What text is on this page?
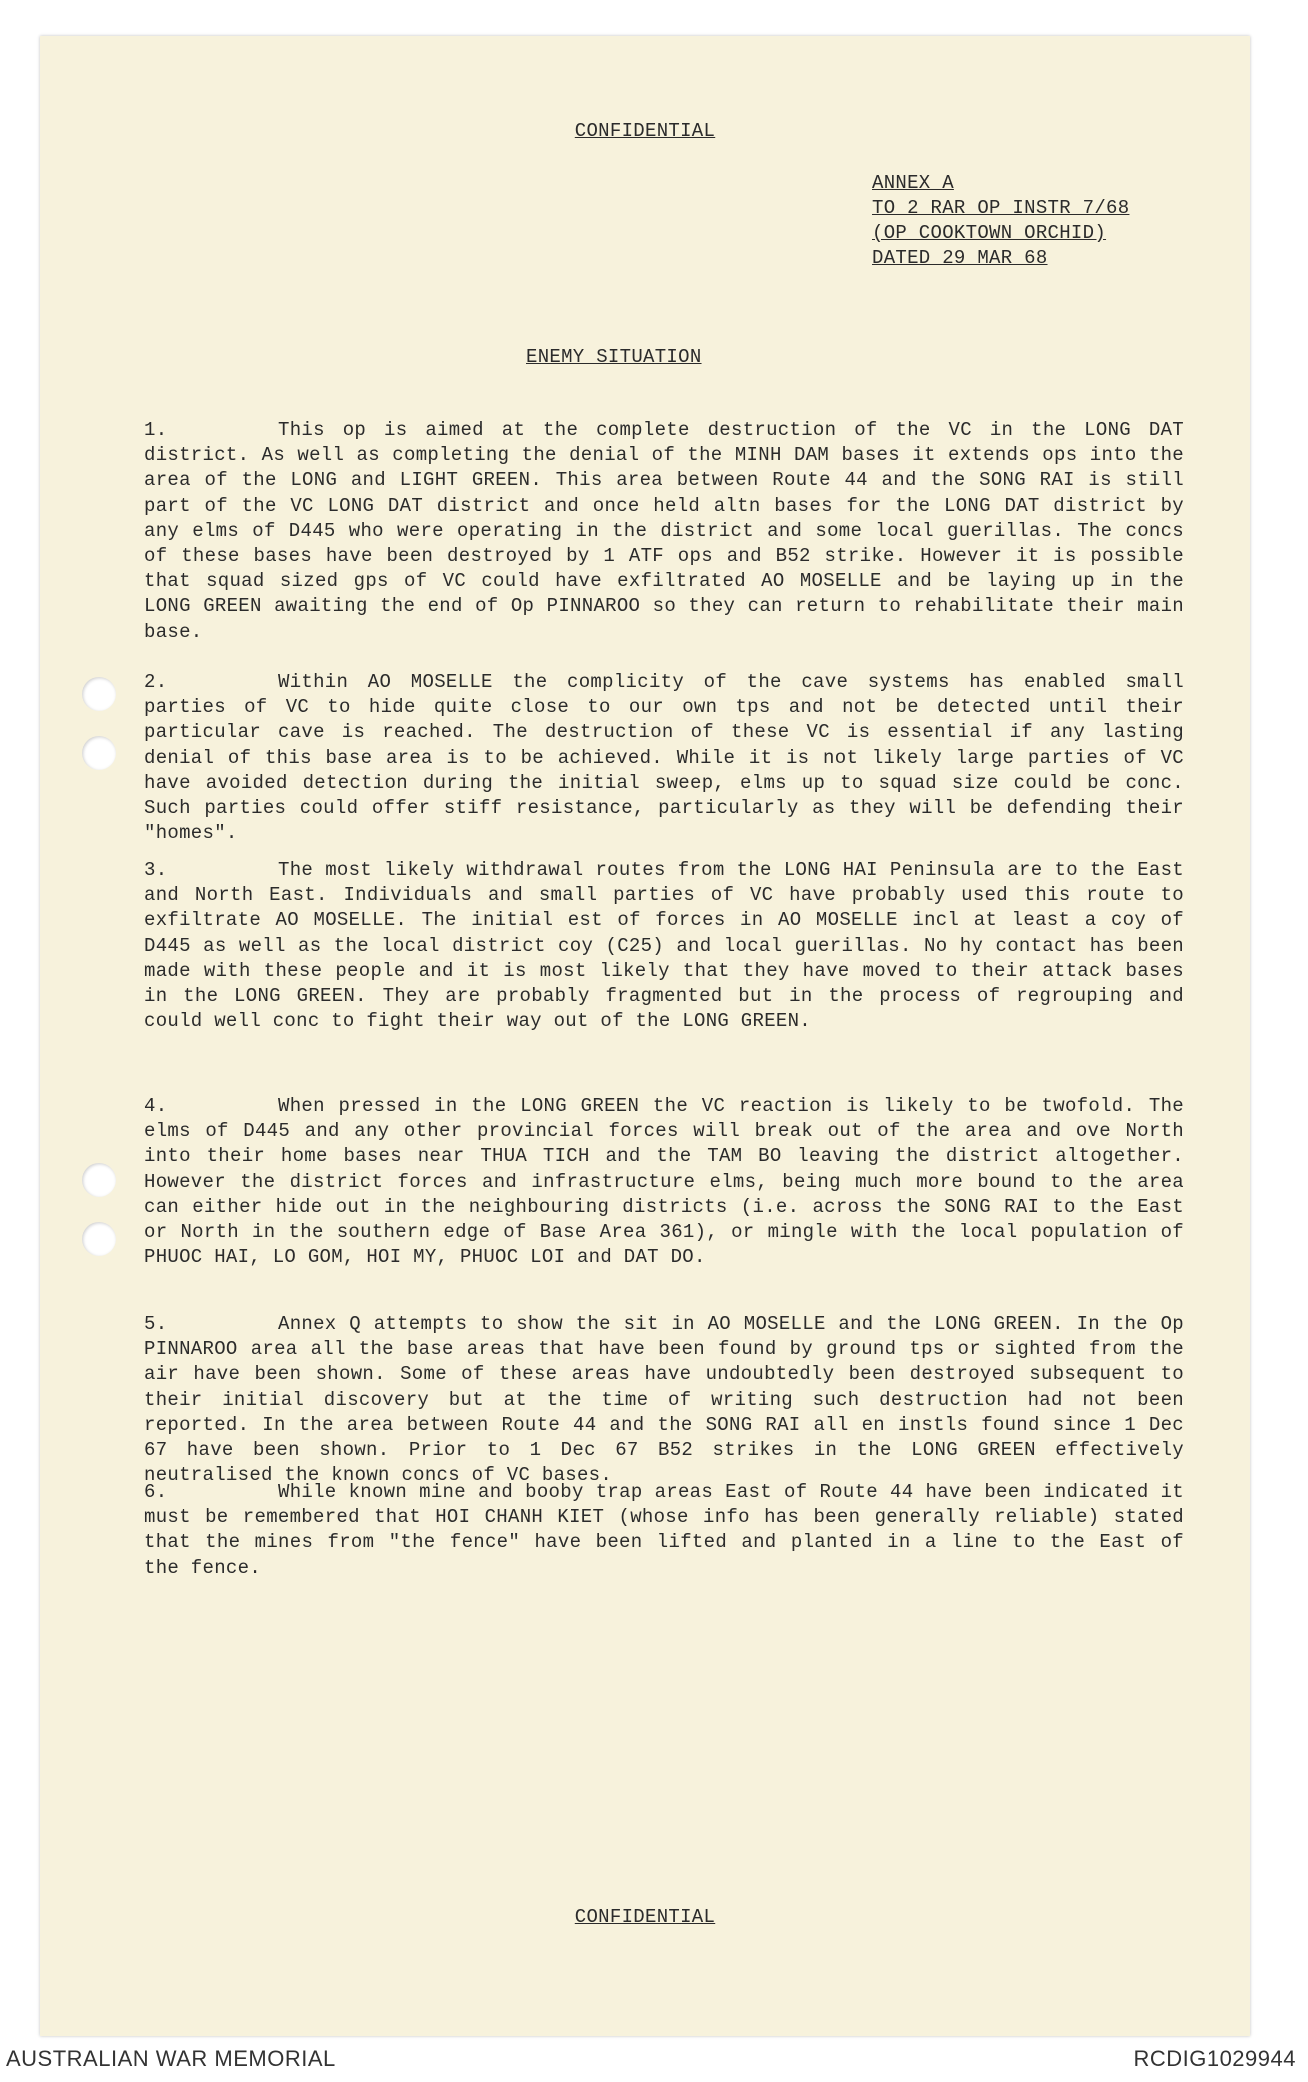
CONFIDENTIAL
ANNEX A
TO 2 RAR OP INSTR 7/68
(OP COOKTOWN ORCHID)
DATED 29 MAR 68
ENEMY SITUATION
1.	This op is aimed at the complete destruction of the VC in the LONG DAT district. As well as completing the denial of the MINH DAM bases it extends ops into the area of the LONG and LIGHT GREEN. This area between Route 44 and the SONG RAI is still part of the VC LONG DAT district and once held altn bases for the LONG DAT district by any elms of D445 who were operating in the district and some local guerillas. The concs of these bases have been destroyed by 1 ATF ops and B52 strike. However it is possible that squad sized gps of VC could have exfiltrated AO MOSELLE and be laying up in the LONG GREEN awaiting the end of Op PINNAROO so they can return to rehabilitate their main base.
2.	Within AO MOSELLE the complicity of the cave systems has enabled small parties of VC to hide quite close to our own tps and not be detected until their particular cave is reached. The destruction of these VC is essential if any lasting denial of this base area is to be achieved. While it is not likely large parties of VC have avoided detection during the initial sweep, elms up to squad size could be conc. Such parties could offer stiff resistance, particularly as they will be defending their "homes".
3.	The most likely withdrawal routes from the LONG HAI Peninsula are to the East and North East. Individuals and small parties of VC have probably used this route to exfiltrate AO MOSELLE. The initial est of forces in AO MOSELLE incl at least a coy of D445 as well as the local district coy (C25) and local guerillas. No hy contact has been made with these people and it is most likely that they have moved to their attack bases in the LONG GREEN. They are probably fragmented but in the process of regrouping and could well conc to fight their way out of the LONG GREEN.
4.	When pressed in the LONG GREEN the VC reaction is likely to be twofold. The elms of D445 and any other provincial forces will break out of the area and ove North into their home bases near THUA TICH and the TAM BO leaving the district altogether. However the district forces and infrastructure elms, being much more bound to the area can either hide out in the neighbouring districts (i.e. across the SONG RAI to the East or North in the southern edge of Base Area 361), or mingle with the local population of PHUOC HAI, LO GOM, HOI MY, PHUOC LOI and DAT DO.
5.	Annex Q attempts to show the sit in AO MOSELLE and the LONG GREEN. In the Op PINNAROO area all the base areas that have been found by ground tps or sighted from the air have been shown. Some of these areas have undoubtedly been destroyed subsequent to their initial discovery but at the time of writing such destruction had not been reported. In the area between Route 44 and the SONG RAI all en instls found since 1 Dec 67 have been shown. Prior to 1 Dec 67 B52 strikes in the LONG GREEN effectively neutralised the known concs of VC bases.
6.	While known mine and booby trap areas East of Route 44 have been indicated it must be remembered that HOI CHANH KIET (whose info has been generally reliable) stated that the mines from "the fence" have been lifted and planted in a line to the East of the fence.
CONFIDENTIAL
AUSTRALIAN WAR MEMORIAL	RCDIG1029944
